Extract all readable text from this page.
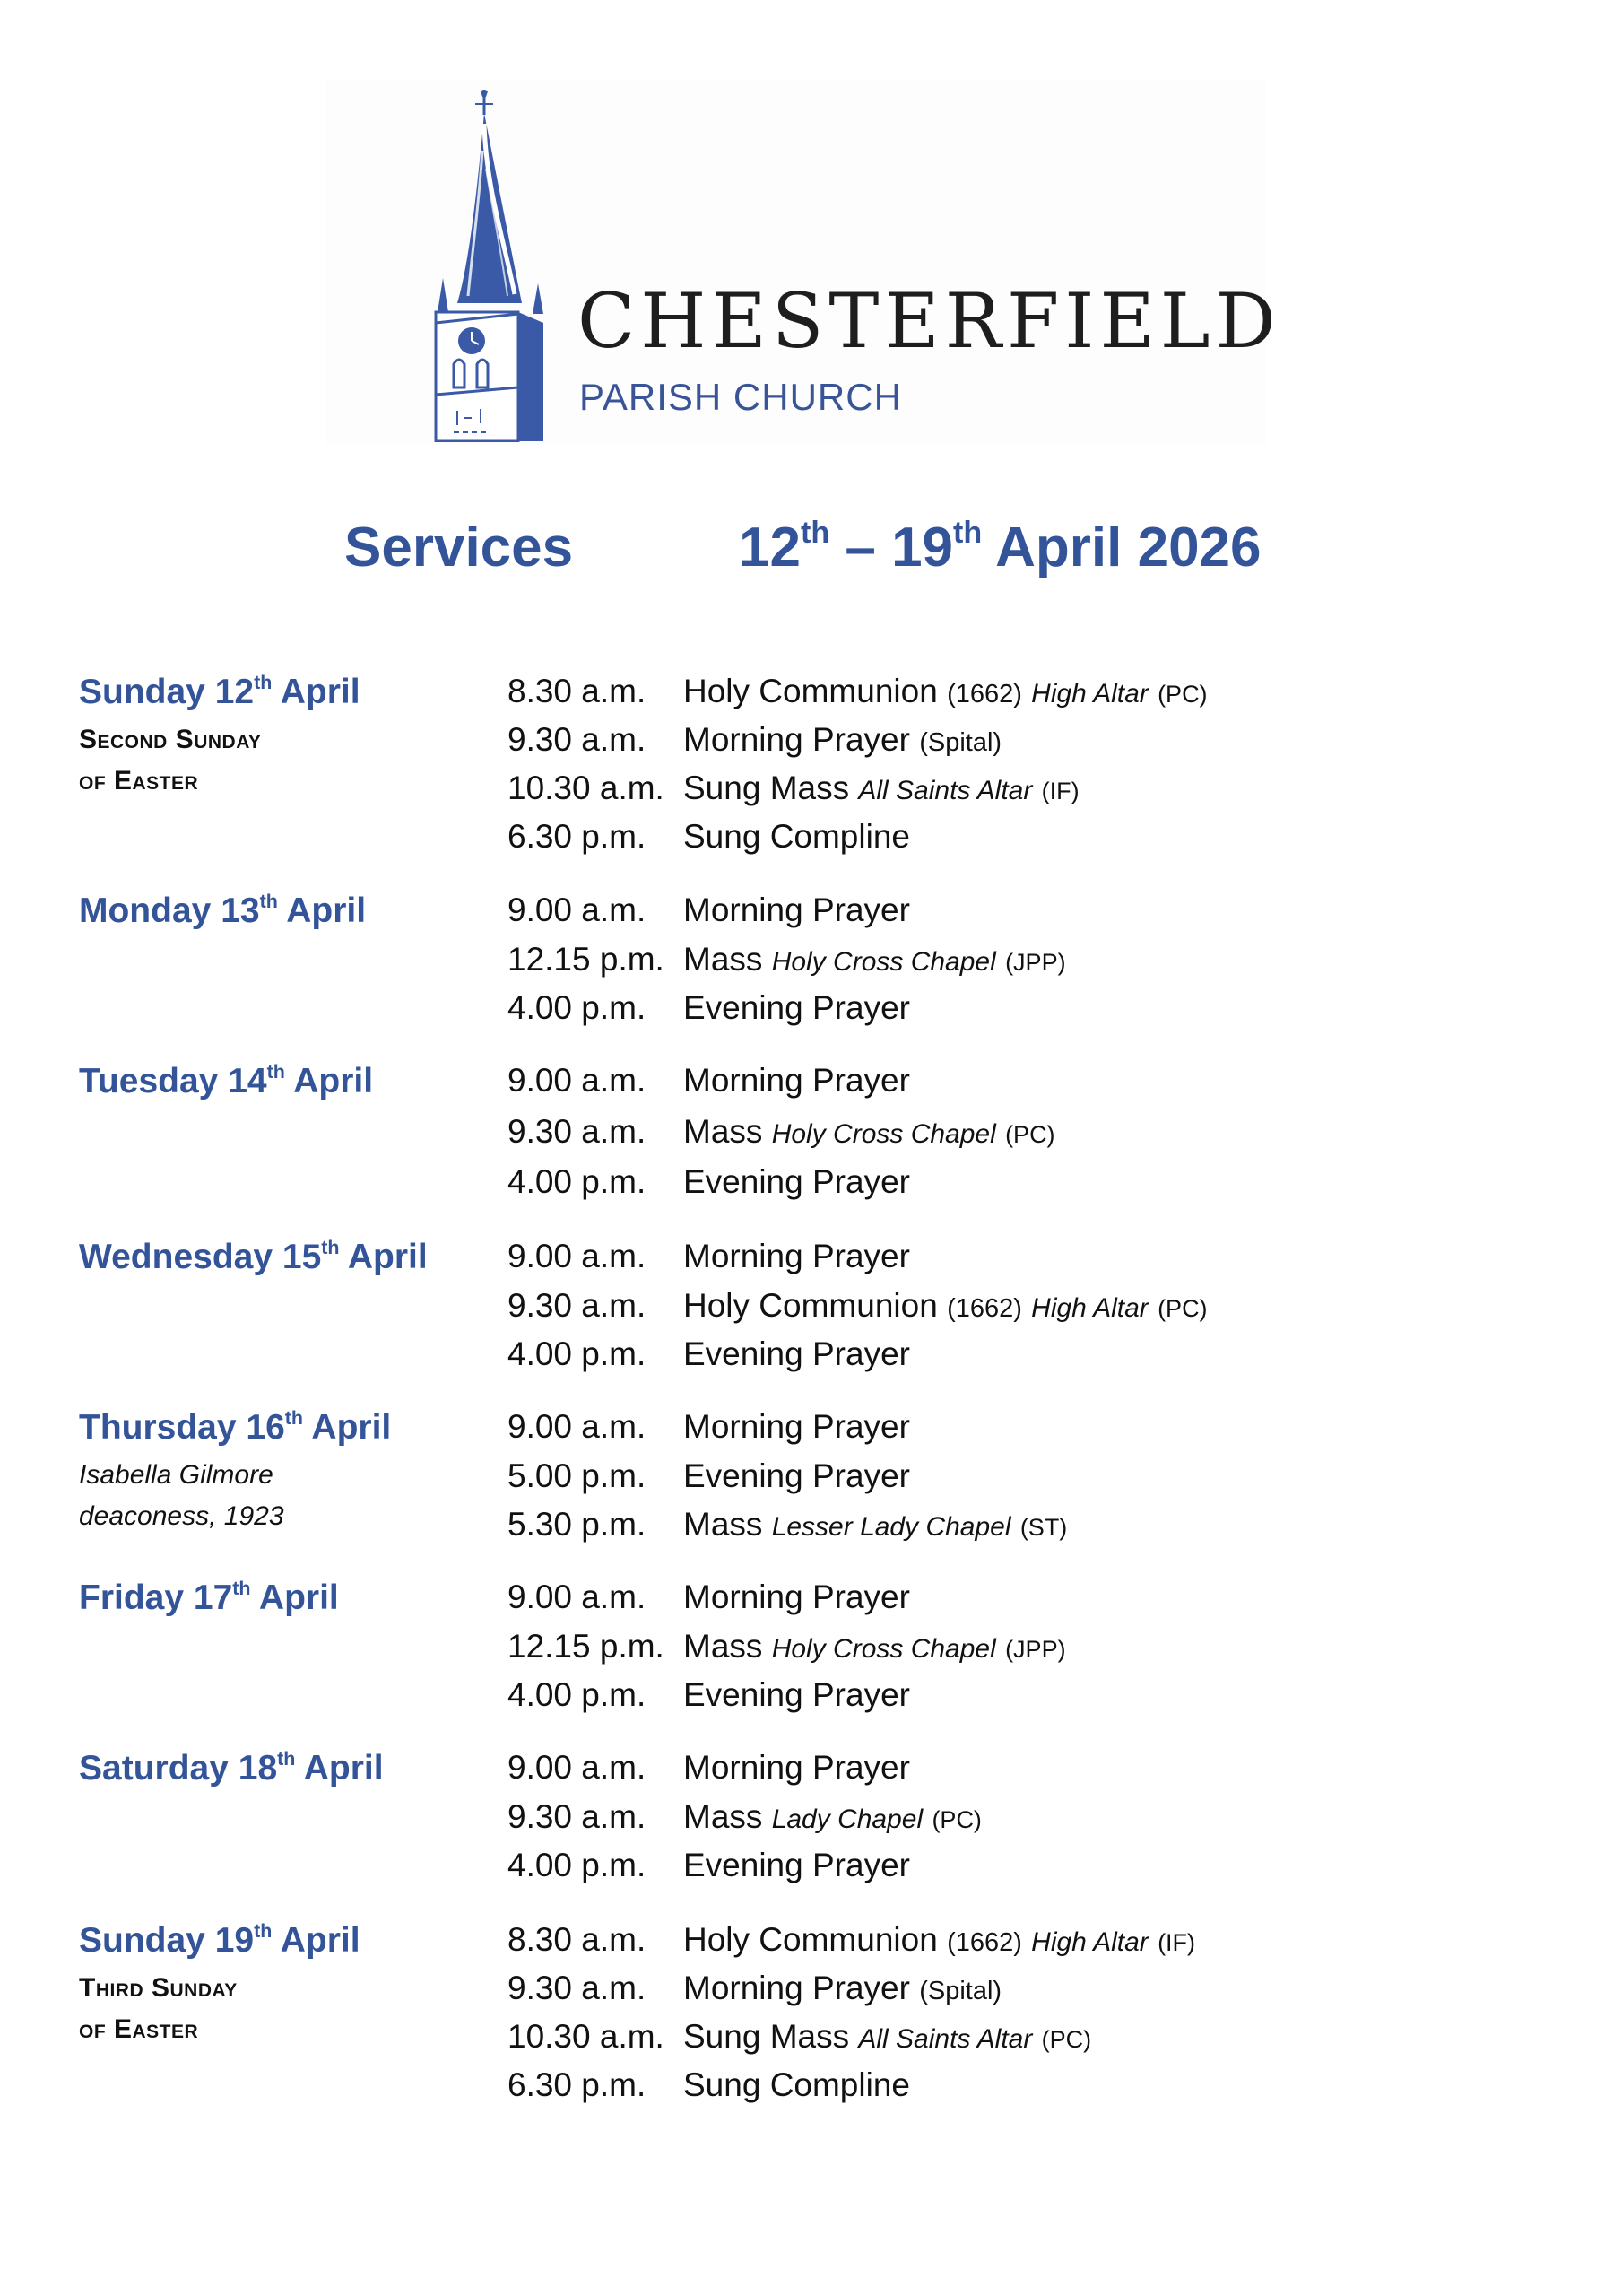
CHESTERFIELD
PARISH CHURCH
Services	12th – 19th April 2026
Sunday 12th April
Second Sunday
of Easter
8.30 a.m. Holy Communion (1662) High Altar (PC)
9.30 a.m. Morning Prayer (Spital)
10.30 a.m. Sung Mass All Saints Altar (IF)
6.30 p.m. Sung Compline
Monday 13th April	9.00 a.m. Morning Prayer
12.15 p.m. Mass Holy Cross Chapel (JPP)
4.00 p.m. Evening Prayer
Tuesday 14th April	9.00 a.m. Morning Prayer
9.30 a.m. Mass Holy Cross Chapel (PC)
4.00 p.m. Evening Prayer
Wednesday 15th April 9.00 a.m. Morning Prayer
9.30 a.m. Holy Communion (1662) High Altar (PC)
4.00 p.m. Evening Prayer
Thursday 16th April
Isabella Gilmore
deaconess, 1923
9.00 a.m. Morning Prayer
5.00 p.m. Evening Prayer
5.30 p.m. Mass Lesser Lady Chapel (ST)
Friday 17th April	9.00 a.m. Morning Prayer
12.15 p.m. Mass Holy Cross Chapel (JPP)
4.00 p.m. Evening Prayer
Saturday 18th April	9.00 a.m. Morning Prayer
9.30 a.m. Mass Lady Chapel (PC)
4.00 p.m. Evening Prayer
Sunday 19th April
Third Sunday
of Easter
8.30 a.m. Holy Communion (1662) High Altar (IF)
9.30 a.m. Morning Prayer (Spital)
10.30 a.m. Sung Mass All Saints Altar (PC)
6.30 p.m. Sung Compline
